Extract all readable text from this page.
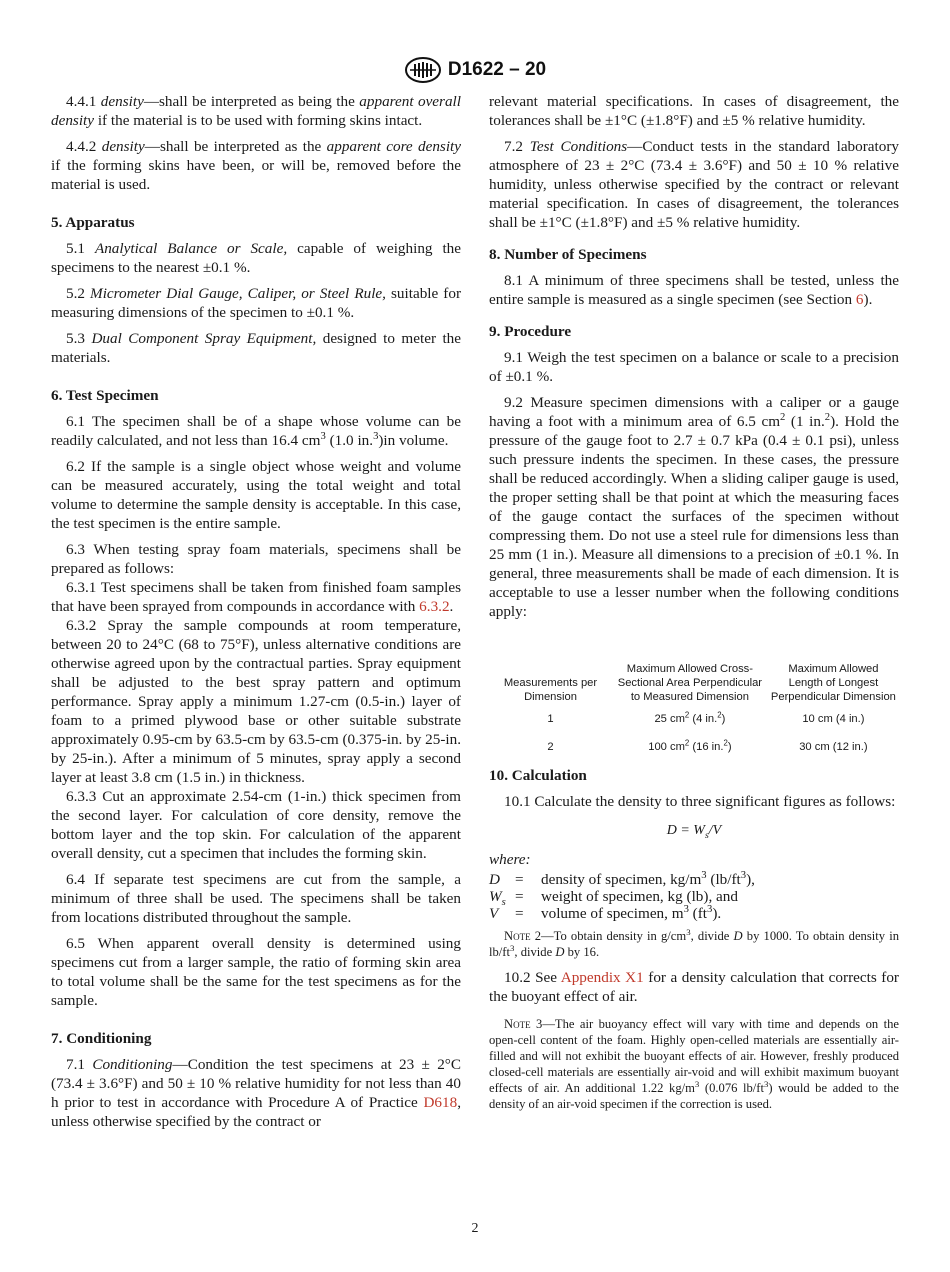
D1622 – 20

4.4.1 density—shall be interpreted as being the apparent overall density if the material is to be used with forming skins intact.

4.4.2 density—shall be interpreted as the apparent core density if the forming skins have been, or will be, removed before the material is used.

5. Apparatus

5.1 Analytical Balance or Scale, capable of weighing the specimens to the nearest ±0.1 %.

5.2 Micrometer Dial Gauge, Caliper, or Steel Rule, suitable for measuring dimensions of the specimen to ±0.1 %.

5.3 Dual Component Spray Equipment, designed to meter the materials.

6. Test Specimen

6.1 The specimen shall be of a shape whose volume can be readily calculated, and not less than 16.4 $cm^3$ (1.0 in.$^3$)in volume.

6.2 If the sample is a single object whose weight and volume can be measured accurately, using the total weight and total volume to determine the sample density is acceptable. In this case, the test specimen is the entire sample.

6.3 When testing spray foam materials, specimens shall be prepared as follows:

6.3.1 Test specimens shall be taken from finished foam samples that have been sprayed from compounds in accordance with 6.3.2.

6.3.2 Spray the sample compounds at room temperature, between 20 to 24°C (68 to 75°F), unless alternative conditions are otherwise agreed upon by the contractual parties. Spray equipment shall be adjusted to the best spray pattern and optimum performance. Spray apply a minimum 1.27-cm (0.5-in.) layer of foam to a primed plywood base or other suitable substrate approximately 0.95-cm by 63.5-cm by 63.5-cm (0.375-in. by 25-in. by 25-in.). After a minimum of 5 minutes, spray apply a second layer at least 3.8 cm (1.5 in.) in thickness.

6.3.3 Cut an approximate 2.54-cm (1-in.) thick specimen from the second layer. For calculation of core density, remove the bottom layer and the top skin. For calculation of the apparent overall density, cut a specimen that includes the forming skin.

6.4 If separate test specimens are cut from the sample, a minimum of three shall be used. The specimens shall be taken from locations distributed throughout the sample.

6.5 When apparent overall density is determined using specimens cut from a larger sample, the ratio of forming skin area to total volume shall be the same for the test specimens as for the sample.

7. Conditioning

7.1 Conditioning—Condition the test specimens at 23 ± 2°C (73.4 ± 3.6°F) and 50 ± 10 % relative humidity for not less than 40 h prior to test in accordance with Procedure A of Practice D618, unless otherwise specified by the contract or

relevant material specifications. In cases of disagreement, the tolerances shall be ±1°C (±1.8°F) and ±5 % relative humidity.

7.2 Test Conditions—Conduct tests in the standard laboratory atmosphere of 23 ± 2°C (73.4 ± 3.6°F) and 50 ± 10 % relative humidity, unless otherwise specified by the contract or relevant material specification. In cases of disagreement, the tolerances shall be ±1°C (±1.8°F) and ±5 % relative humidity.

8. Number of Specimens

8.1 A minimum of three specimens shall be tested, unless the entire sample is measured as a single specimen (see Section 6).

9. Procedure

9.1 Weigh the test specimen on a balance or scale to a precision of ±0.1 %.

9.2 Measure specimen dimensions with a caliper or a gauge having a foot with a minimum area of 6.5 $cm^2$ (1 in.$^2$). Hold the pressure of the gauge foot to 2.7 ± 0.7 kPa (0.4 ± 0.1 psi), unless such pressure indents the specimen. In these cases, the pressure shall be reduced accordingly. When a sliding caliper gauge is used, the proper setting shall be that point at which the measuring faces of the gauge contact the surfaces of the specimen without compressing them. Do not use a steel rule for dimensions less than 25 mm (1 in.). Measure all dimensions to a precision of ±0.1 %. In general, three measurements shall be made of each dimension. It is acceptable to use a lesser number when the following conditions apply:

Measurements per Dimension	Maximum Allowed Cross-Sectional Area Perpendicular to Measured Dimension	Maximum Allowed Length of Longest Perpendicular Dimension
1	25 $cm^2$ (4 in.$^2$)	10 cm (4 in.)
2	100 $cm^2$ (16 in.$^2$)	30 cm (12 in.)
10. Calculation

10.1 Calculate the density to three significant figures as follows:

$D = W_s/V$
where:
D =	density of specimen, $kg/m^3$ $(lb/ft^3)$,
$W_s$ =	weight of specimen, kg (lb), and
V	=	volume of specimen, $m^3$ $(ft^3)$.
Note 2—To obtain density in $g/cm^3$, divide D by 1000. To obtain density in $lb/ft^3$, divide D by 16.

10.2 See Appendix X1 for a density calculation that corrects for the buoyant effect of air.

Note 3—The air buoyancy effect will vary with time and depends on the open-cell content of the foam. Highly open-celled materials are essentially air-filled and will not exhibit the buoyant effects of air. However, freshly produced closed-cell materials are essentially air-void and will exhibit maximum buoyant effects of air. An additional 1.22 $kg/m^3$ (0.076 $lb/ft^3$) would be added to the density of an air-void specimen if the correction is used.
2
